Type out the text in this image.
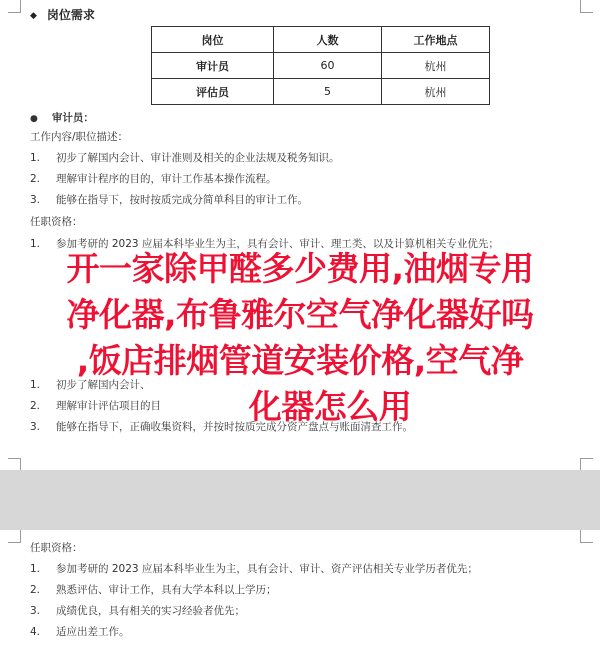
◆ 岗位需求
岗位	人数	工作地点
审计员	60	杭州
评估员	5	杭州
● 审计员：
工作内容/职位描述：
1. 初步了解国内会计、审计准则及相关的企业法规及税务知识。
2. 理解审计程序的目的，审计工作基本操作流程。
3. 能够在指导下，按时按质完成分简单科目的审计工作。
任职资格：
1. 参加考研的 2023 应届本科毕业生为主，具有会计、审计、理工类、以及计算机相关专业优先；
1. 初步了解国内会计、
2. 理解审计评估项目的目
3. 能够在指导下，正确收集资料，并按时按质完成分资产盘点与账面清查工作。
开一家除甲醛多少费用,油烟专用
净化器,布鲁雅尔空气净化器好吗
,饭店排烟管道安装价格,空气净
化器怎么用
任职资格：
1. 参加考研的 2023 应届本科毕业生为主，具有会计、审计、资产评估相关专业学历者优先；
2. 熟悉评估、审计工作，具有大学本科以上学历；
3. 成绩优良，具有相关的实习经验者优先；
4. 适应出差工作。
